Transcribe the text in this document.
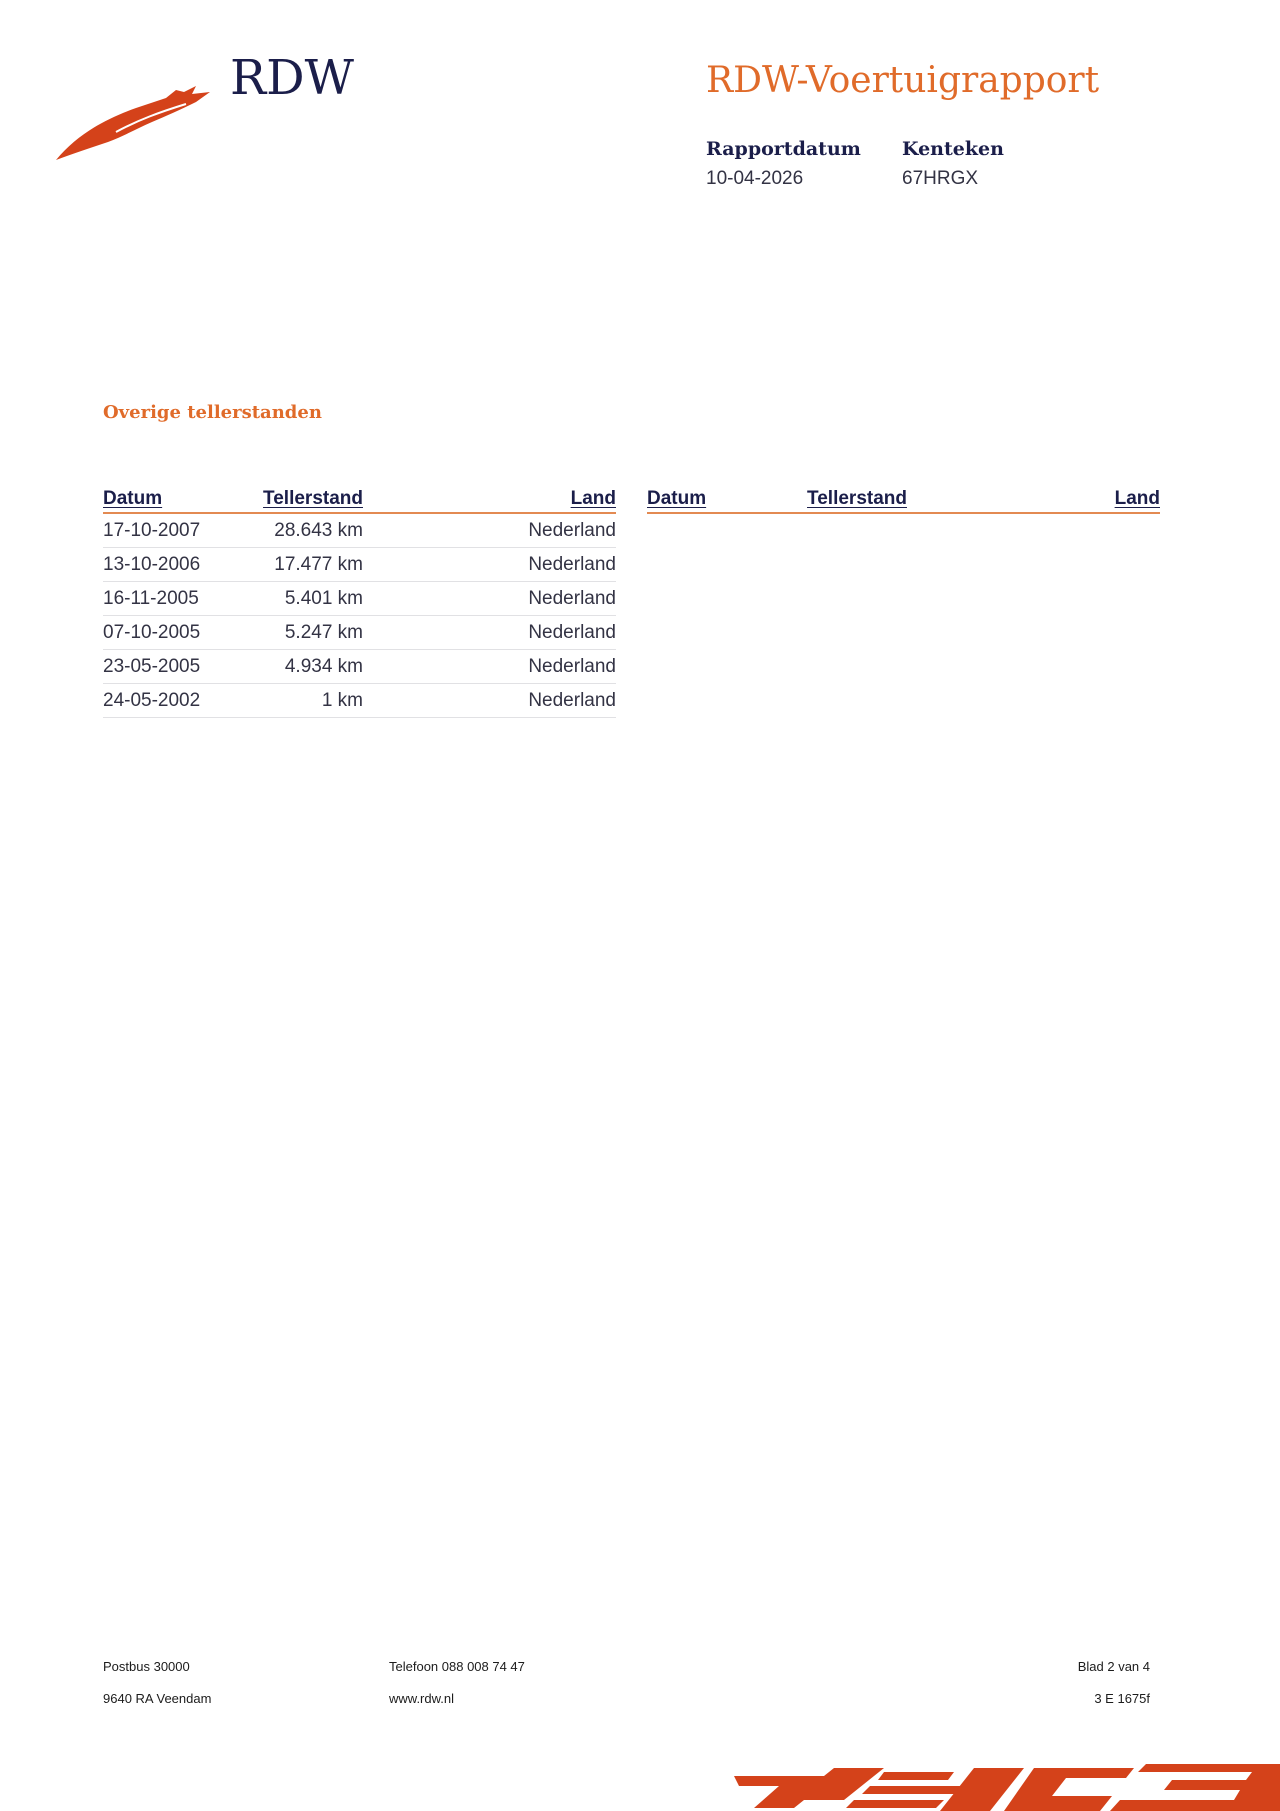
RDW	RDW-Voertuigrapport
Rapportdatum
10-04-2026
Kenteken
67HRGX
Overige tellerstanden
Datum	Tellerstand	Land
17-10-2007	28.643 km	Nederland
13-10-2006	17.477 km	Nederland
16-11-2005	5.401 km	Nederland
07-10-2005	5.247 km	Nederland
23-05-2005	4.934 km	Nederland
24-05-2002	1 km	Nederland
Datum	Tellerstand	Land
Postbus 30000
9640 RA Veendam
Telefoon 088 008 74 47
www.rdw.nl
Blad 2 van 4
3 E 1675f
